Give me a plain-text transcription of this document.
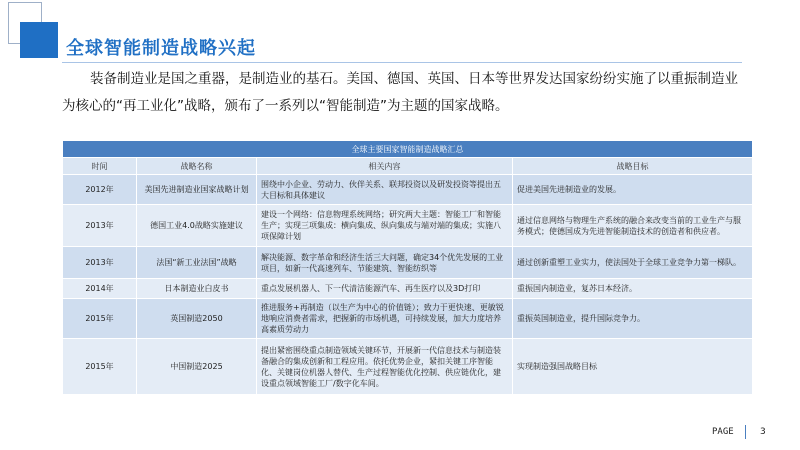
全球智能制造战略兴起
装备制造业是国之重器，是制造业的基石。美国、德国、英国、日本等世界发达国家纷纷实施了以重振制造业为核心的“再工业化”战略，颁布了一系列以“智能制造”为主题的国家战略。
全球主要国家智能制造战略汇总			
时间	战略名称	相关内容	战略目标
2012年	美国先进制造业国家战略计划	围绕中小企业、劳动力、伙伴关系、联邦投资以及研发投资等提出五大目标和具体建议	促进美国先进制造业的发展。
2013年	德国工业4.0战略实施建议	建设一个网络：信息物理系统网络；研究两大主题：智能工厂和智能生产；实现三项集成：横向集成、纵向集成与端对端的集成；实施八项保障计划	通过信息网络与物理生产系统的融合来改变当前的工业生产与服务模式；使德国成为先进智能制造技术的创造者和供应者。
2013年	法国“新工业法国”战略	解决能源、数字革命和经济生活三大问题，确定34个优先发展的工业项目，如新一代高速列车、节能建筑、智能纺织等	通过创新重塑工业实力，使法国处于全球工业竞争力第一梯队。
2014年	日本制造业白皮书	重点发展机器人、下一代清洁能源汽车、再生医疗以及3D打印	重振国内制造业，复苏日本经济。
2015年	英国制造2050	推进服务+再制造（以生产为中心的价值链）；致力于更快速、更敏锐地响应消费者需求，把握新的市场机遇，可持续发展，加大力度培养高素质劳动力	重振英国制造业，提升国际竞争力。
2015年	中国制造2025	提出紧密围绕重点制造领域关键环节，开展新一代信息技术与制造装备融合的集成创新和工程应用。依托优势企业，紧扣关键工序智能化、关键岗位机器人替代、生产过程智能优化控制、供应链优化，建设重点领域智能工厂/数字化车间。	实现制造强国战略目标
PAGE	3
